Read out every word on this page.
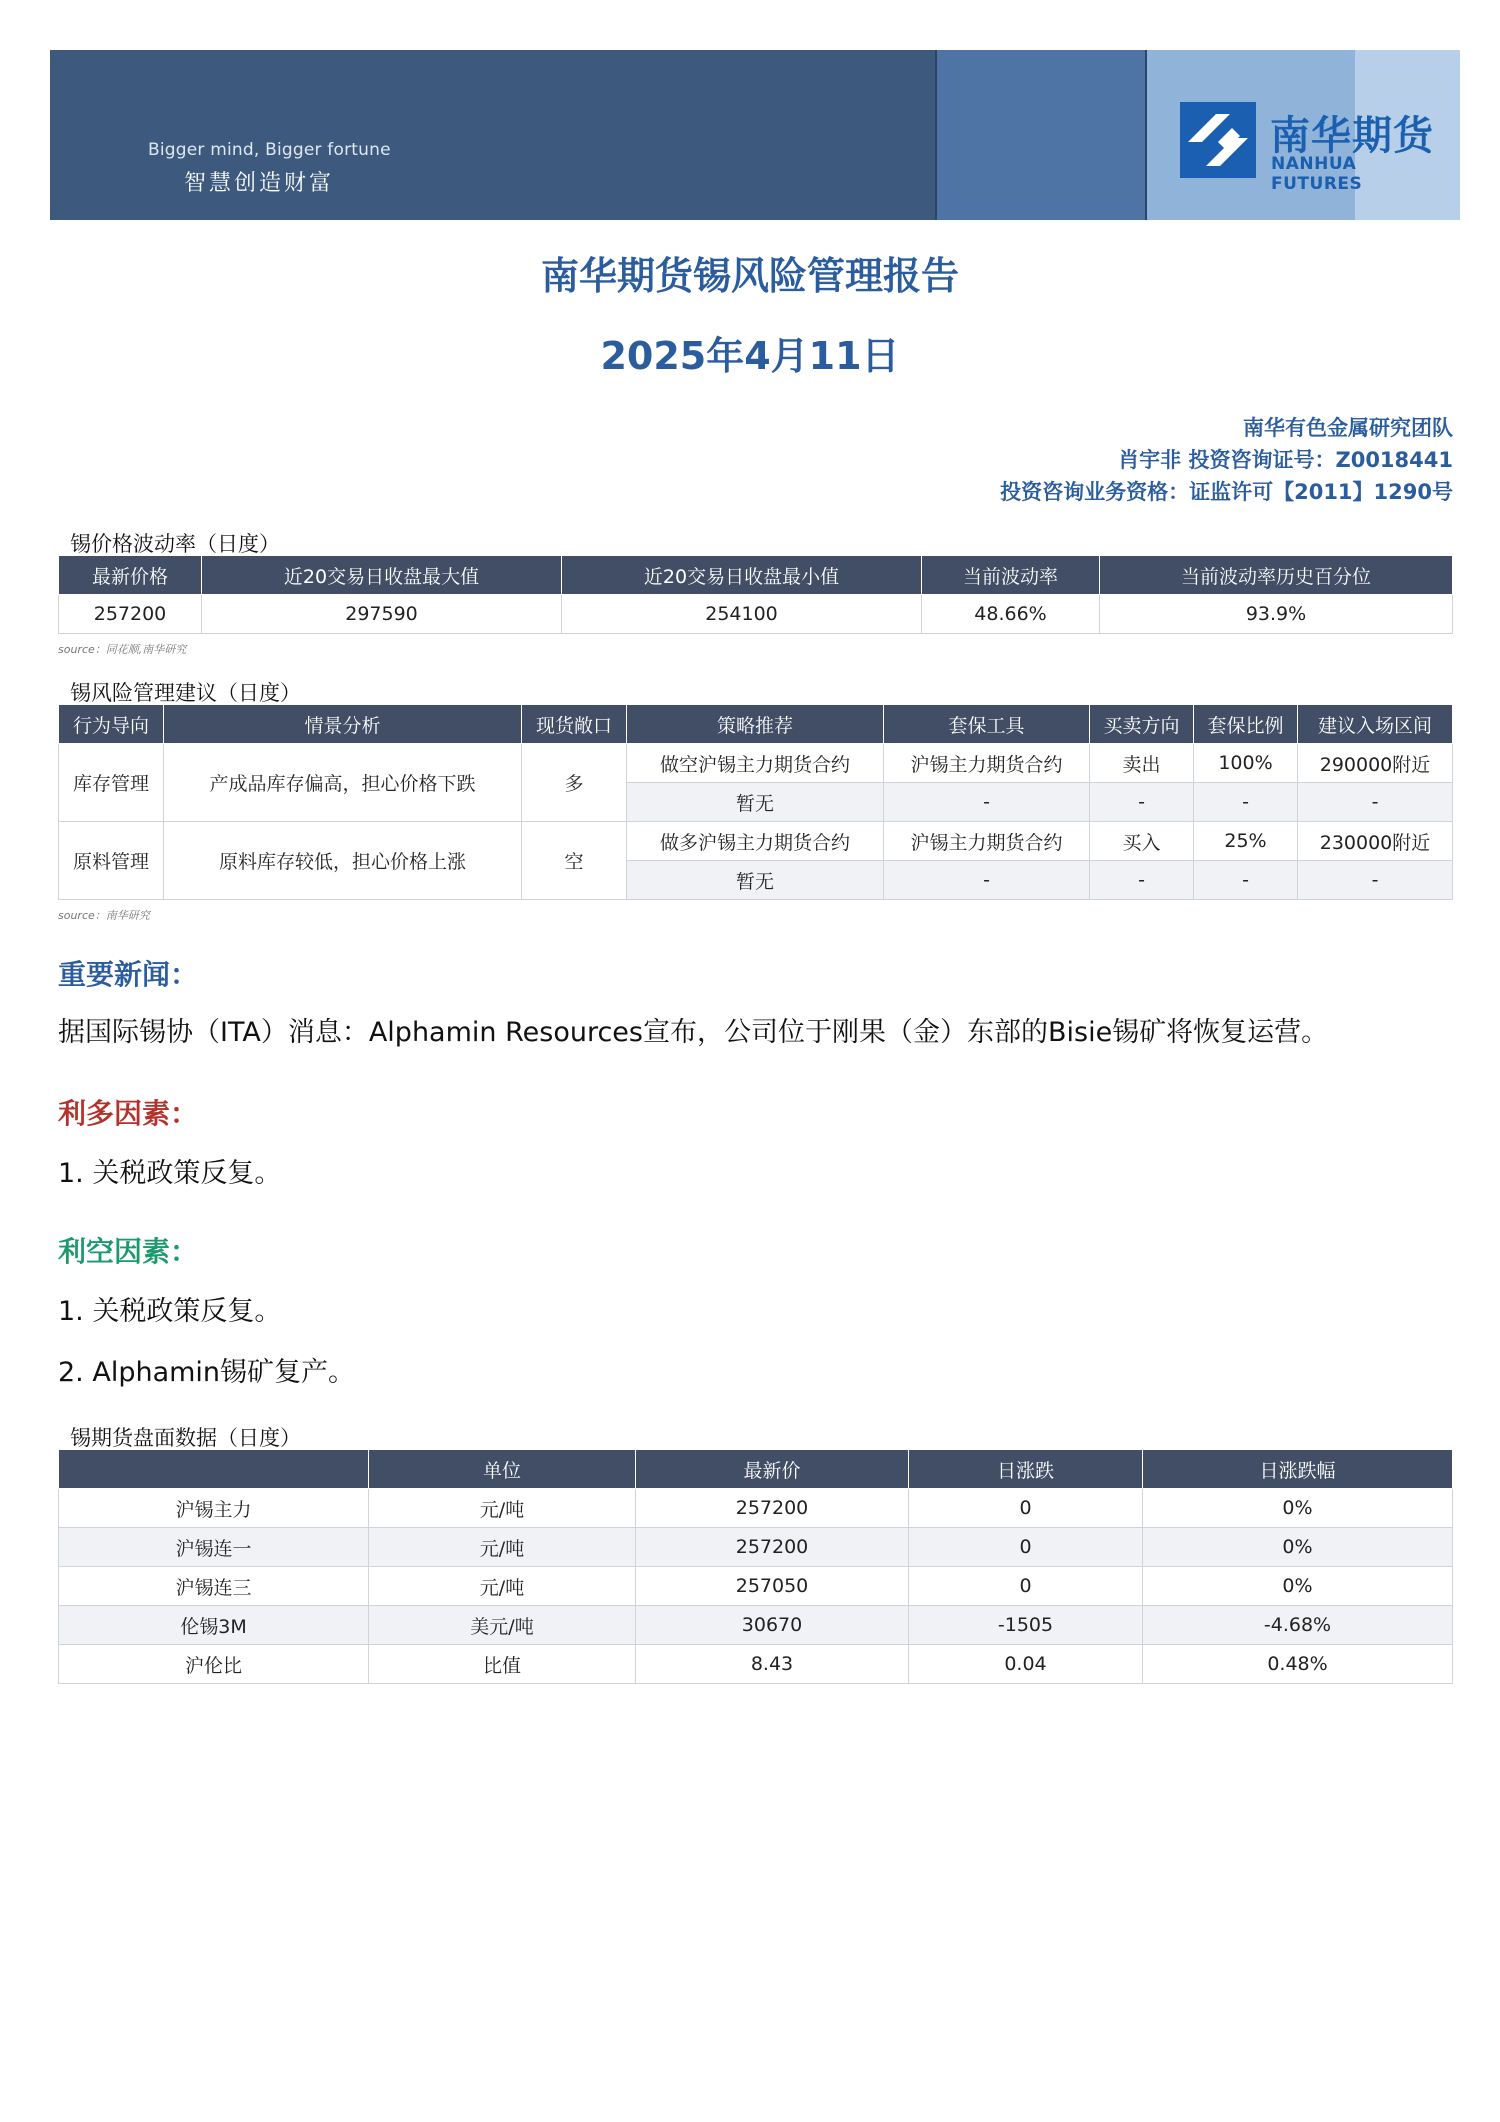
Bigger mind, Bigger fortune
智慧创造财富
南华期货
NANHUA FUTURES
南华期货锡风险管理报告
2025年4月11日
南华有色金属研究团队
肖宇非 投资咨询证号：Z0018441
投资咨询业务资格：证监许可【2011】1290号
锡价格波动率（日度）
最新价格	近20交易日收盘最大值	近20交易日收盘最小值	当前波动率	当前波动率历史百分位
257200	297590	254100	48.66%	93.9%
source：同花顺,南华研究
锡风险管理建议（日度）
行为导向	情景分析	现货敞口	策略推荐	套保工具	买卖方向	套保比例	建议入场区间
库存管理	产成品库存偏高，担心价格下跌	多	做空沪锡主力期货合约	沪锡主力期货合约	卖出	100%	290000附近
			暂无	-	-	-	-
原料管理	原料库存较低，担心价格上涨	空	做多沪锡主力期货合约	沪锡主力期货合约	买入	25%	230000附近
			暂无	-	-	-	-
source：南华研究
重要新闻：
据国际锡协（ITA）消息：Alphamin Resources宣布，公司位于刚果（金）东部的Bisie锡矿将恢复运营。
利多因素：
1. 关税政策反复。
利空因素：
1. 关税政策反复。
2. Alphamin锡矿复产。
锡期货盘面数据（日度）
	单位	最新价	日涨跌	日涨跌幅
沪锡主力	元/吨	257200	0	0%
沪锡连一	元/吨	257200	0	0%
沪锡连三	元/吨	257050	0	0%
伦锡3M	美元/吨	30670	-1505	-4.68%
沪伦比	比值	8.43	0.04	0.48%
